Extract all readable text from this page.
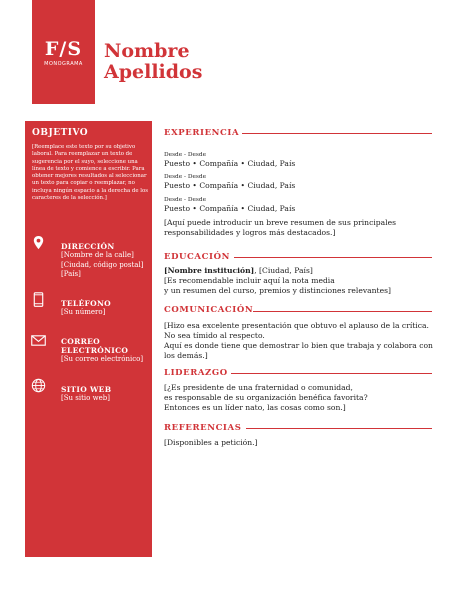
F/S
MONOGRAMA
Nombre
Apellidos
OBJETIVO
[Reemplace este texto por su objetivo laboral. Para reemplazar un texto de sugerencia por el suyo, seleccione una línea de texto y comience a escribir. Para obtener mejores resultados al seleccionar un texto para copiar o reemplazar, no incluya ningún espacio a la derecha de los caracteres de la selección.]
DIRECCIÓN
[Nombre de la calle]
[Ciudad, código postal]
[País]
TELÉFONO
[Su número]
CORREO
ELECTRÓNICO
[Su correo electrónico]
SITIO WEB
[Su sitio web]
EXPERIENCIA
Desde - Desde
Puesto • Compañía • Ciudad, País
Desde - Desde
Puesto • Compañía • Ciudad, País
Desde - Desde
Puesto • Compañía • Ciudad, País
[Aquí puede introducir un breve resumen de sus principales
responsabilidades y logros más destacados.]
EDUCACIÓN
[Nombre institución], [Ciudad, País]
[Es recomendable incluir aquí la nota media
y un resumen del curso, premios y distinciones relevantes]
COMUNICACIÓN
[Hizo esa excelente presentación que obtuvo el aplauso de la crítica.
No sea tímido al respecto.
Aquí es donde tiene que demostrar lo bien que trabaja y colabora con
los demás.]
LIDERAZGO
[¿Es presidente de una fraternidad o comunidad,
es responsable de su organización benéfica favorita?
Entonces es un líder nato, las cosas como son.]
REFERENCIAS
[Disponibles a petición.]
